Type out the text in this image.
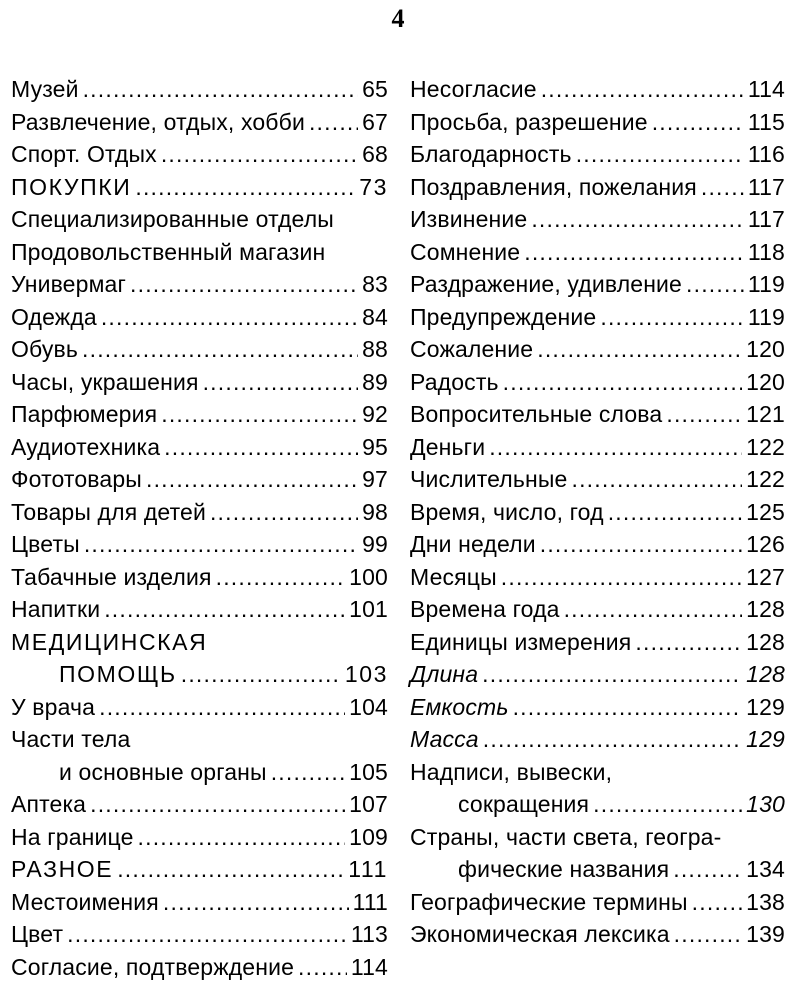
4
Музей .....	65
Развлечение, отдых, хобби ..... 67
Спорт. Отдых .....	68
ПОКУПКИ .....	73
Специализированные отделы
Продовольственный магазин
Универмаг .....	83
Одежда .....	84
Обувь .....	88
Часы, украшения .....	89
Парфюмерия .....	92
Аудиотехника .....	95
Фототовары .....	97
Товары для детей .....	98
Цветы .....	99
Табачные изделия .....	100
Напитки .....	101
МЕДИЦИНСКАЯ
ПОМОЩЬ .....	103
У врача .....	104
Части тела
и основные органы .....	105
Аптека .....	107
На границе .....	109
РАЗНОЕ .....	111
Местоимения .....	111
Цвет .....	113
Согласие, подтверждение ..... 114
Несогласие .....	114
Просьба, разрешение .....	115
Благодарность .....	116
Поздравления, пожелания ..... 117
Извинение .....	117
Сомнение .....	118
Раздражение, удивление .....	119
Предупреждение .....	119
Сожаление .....	120
Радость .....	120
Вопросительные слова .....	121
Деньги .....	122
Числительные .....	122
Время, число, год .....	125
Дни недели .....	126
Месяцы .....	127
Времена года .....	128
Единицы измерения .....	128
Длина .....	128
Емкость .....	129
Масса .....	129
Надписи, вывески,
сокращения .....	130
Страны, части света, геогра-
фические названия .....	134
Географические термины .....	138
Экономическая лексика .....	139
